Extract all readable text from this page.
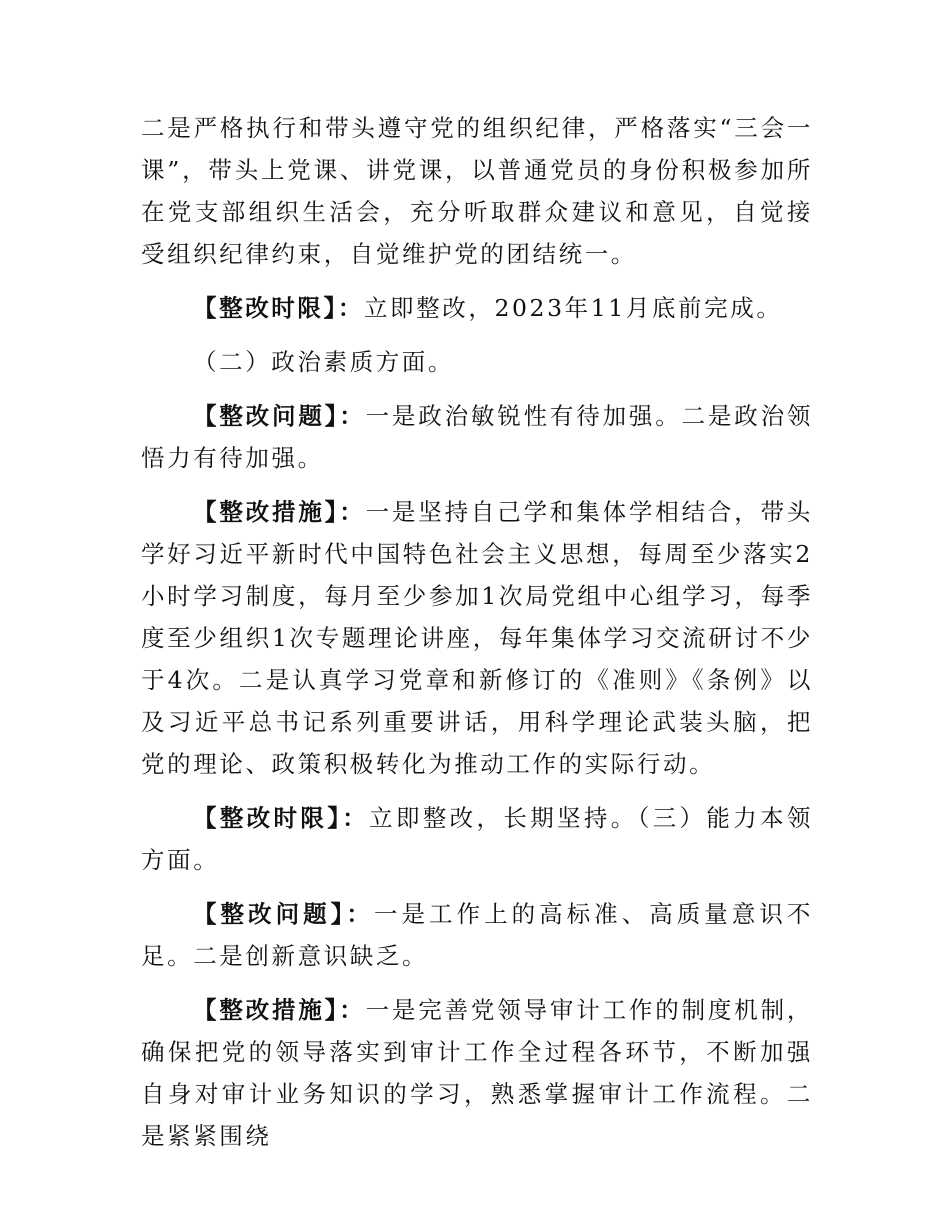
二是严格执行和带头遵守党的组织纪律，严格落实“三会一课”，带头上党课、讲党课，以普通党员的身份积极参加所在党支部组织生活会，充分听取群众建议和意见，自觉接受组织纪律约束，自觉维护党的团结统一。

【整改时限】：立即整改，2023年11月底前完成。

（二）政治素质方面。

【整改问题】：一是政治敏锐性有待加强。二是政治领悟力有待加强。

【整改措施】：一是坚持自己学和集体学相结合，带头学好习近平新时代中国特色社会主义思想，每周至少落实2小时学习制度，每月至少参加1次局党组中心组学习，每季度至少组织1次专题理论讲座，每年集体学习交流研讨不少于4次。二是认真学习党章和新修订的《准则》《条例》以及习近平总书记系列重要讲话，用科学理论武装头脑，把党的理论、政策积极转化为推动工作的实际行动。

【整改时限】：立即整改，长期坚持。（三）能力本领方面。

【整改问题】：一是工作上的高标准、高质量意识不足。二是创新意识缺乏。

【整改措施】：一是完善党领导审计工作的制度机制，确保把党的领导落实到审计工作全过程各环节，不断加强自身对审计业务知识的学习，熟悉掌握审计工作流程。二是紧紧围绕
